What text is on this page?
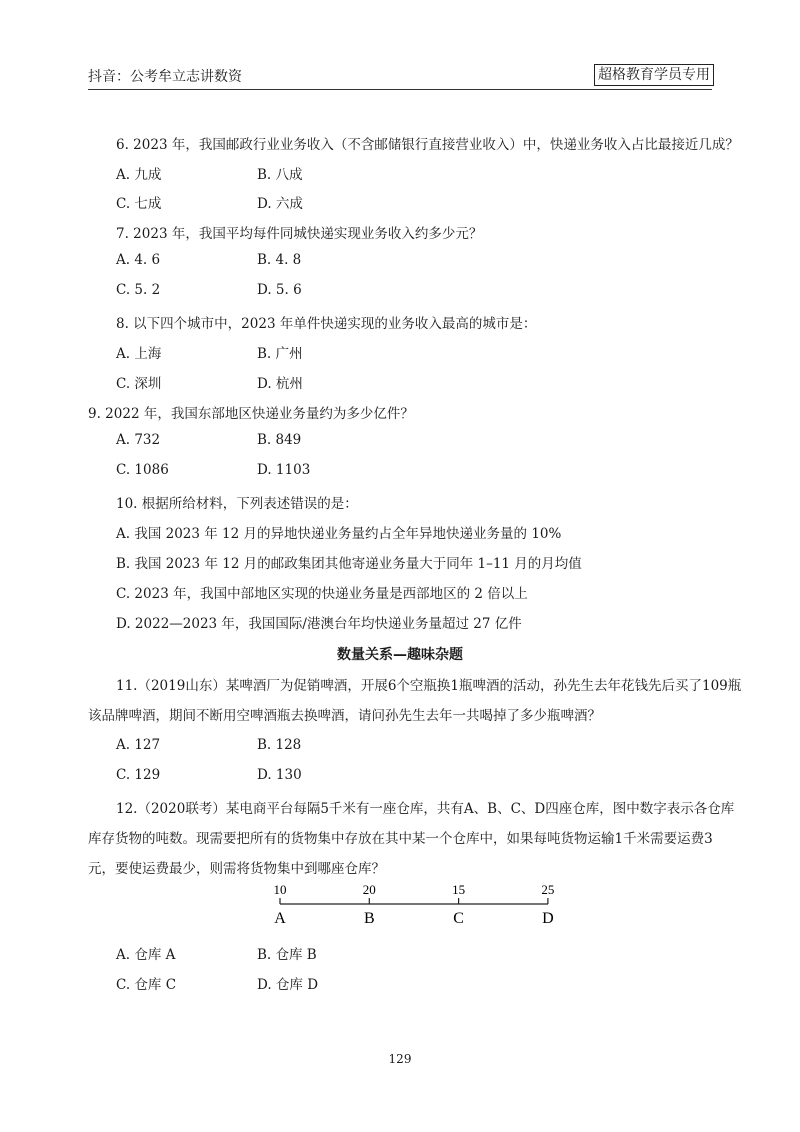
抖音：公考牟立志讲数资	超格教育学员专用
6. 2023 年，我国邮政行业业务收入（不含邮储银行直接营业收入）中，快递业务收入占比最接近几成？
A. 九成	B. 八成
C. 七成	D. 六成
7. 2023 年，我国平均每件同城快递实现业务收入约多少元？
A. 4. 6	B. 4. 8
C. 5. 2	D. 5. 6
8. 以下四个城市中，2023 年单件快递实现的业务收入最高的城市是：
A. 上海	B. 广州
C. 深圳	D. 杭州
9. 2022 年，我国东部地区快递业务量约为多少亿件？
A. 732	B. 849
C. 1086	D. 1103
10. 根据所给材料，下列表述错误的是：
A. 我国 2023 年 12 月的异地快递业务量约占全年异地快递业务量的 10%
B. 我国 2023 年 12 月的邮政集团其他寄递业务量大于同年 1–11 月的月均值
C. 2023 年，我国中部地区实现的快递业务量是西部地区的 2 倍以上
D. 2022—2023 年，我国国际/港澳台年均快递业务量超过 27 亿件
数量关系—趣味杂题
11.（2019山东）某啤酒厂为促销啤酒，开展6个空瓶换1瓶啤酒的活动，孙先生去年花钱先后买了109瓶
该品牌啤酒，期间不断用空啤酒瓶去换啤酒，请问孙先生去年一共喝掉了多少瓶啤酒？
A. 127	B. 128
C. 129	D. 130
12.（2020联考）某电商平台每隔5千米有一座仓库，共有A、B、C、D四座仓库，图中数字表示各仓库
库存货物的吨数。现需要把所有的货物集中存放在其中某一个仓库中，如果每吨货物运输1千米需要运费3
元，要使运费最少，则需将货物集中到哪座仓库？
10
A
20
B
15
C
25
D
A. 仓库 A	B. 仓库 B
C. 仓库 C	D. 仓库 D
129
